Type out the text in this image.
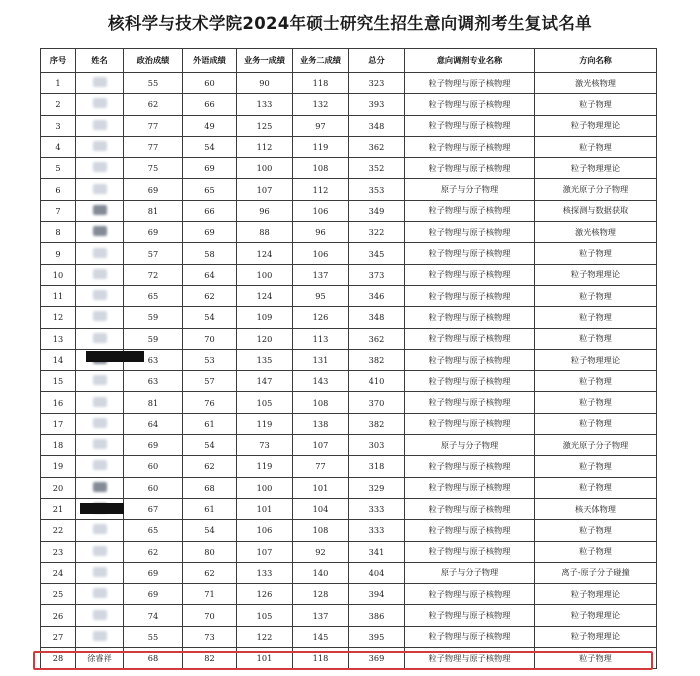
核科学与技术学院2024年硕士研究生招生意向调剂考生复试名单
序号	姓名	政治成绩	外语成绩	业务一成绩	业务二成绩	总分	意向调剂专业名称	方向名称
1		55	60	90	118	323	粒子物理与原子核物理	激光核物理
2		62	66	133	132	393	粒子物理与原子核物理	粒子物理
3		77	49	125	97	348	粒子物理与原子核物理	粒子物理理论
4		77	54	112	119	362	粒子物理与原子核物理	粒子物理
5		75	69	100	108	352	粒子物理与原子核物理	粒子物理理论
6		69	65	107	112	353	原子与分子物理	激光原子分子物理
7		81	66	96	106	349	粒子物理与原子核物理	核探测与数据获取
8		69	69	88	96	322	粒子物理与原子核物理	激光核物理
9		57	58	124	106	345	粒子物理与原子核物理	粒子物理
10		72	64	100	137	373	粒子物理与原子核物理	粒子物理理论
11		65	62	124	95	346	粒子物理与原子核物理	粒子物理
12		59	54	109	126	348	粒子物理与原子核物理	粒子物理
13		59	70	120	113	362	粒子物理与原子核物理	粒子物理
14		63	53	135	131	382	粒子物理与原子核物理	粒子物理理论
15		63	57	147	143	410	粒子物理与原子核物理	粒子物理
16		81	76	105	108	370	粒子物理与原子核物理	粒子物理
17		64	61	119	138	382	粒子物理与原子核物理	粒子物理
18		69	54	73	107	303	原子与分子物理	激光原子分子物理
19		60	62	119	77	318	粒子物理与原子核物理	粒子物理
20		60	68	100	101	329	粒子物理与原子核物理	粒子物理
21		67	61	101	104	333	粒子物理与原子核物理	核天体物理
22		65	54	106	108	333	粒子物理与原子核物理	粒子物理
23		62	80	107	92	341	粒子物理与原子核物理	粒子物理
24		69	62	133	140	404	原子与分子物理	离子-原子分子碰撞
25		69	71	126	128	394	粒子物理与原子核物理	粒子物理理论
26		74	70	105	137	386	粒子物理与原子核物理	粒子物理理论
27		55	73	122	145	395	粒子物理与原子核物理	粒子物理理论
28	徐睿祥	68	82	101	118	369	粒子物理与原子核物理	粒子物理
